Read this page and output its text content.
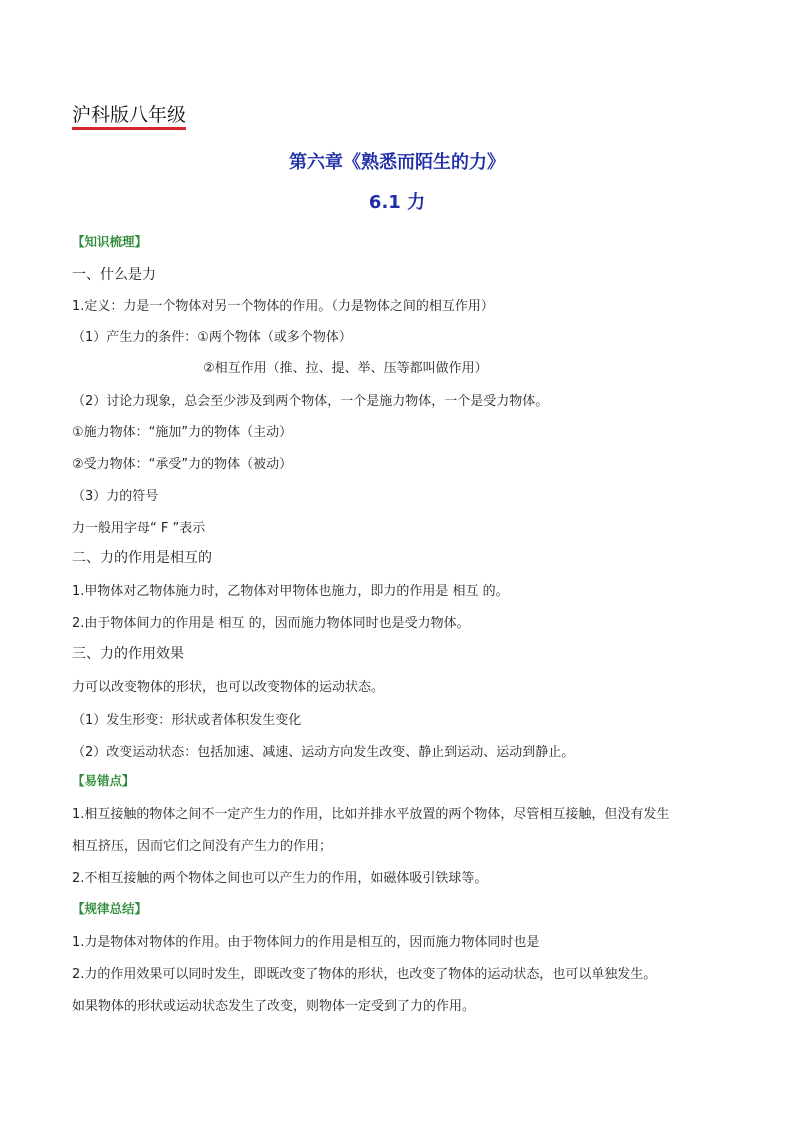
沪科版八年级
第六章《熟悉而陌生的力》
6.1 力
【知识梳理】
一、什么是力
1.定义：力是一个物体对另一个物体的作用。（力是物体之间的相互作用）
（1）产生力的条件：①两个物体（或多个物体）
②相互作用（推、拉、提、举、压等都叫做作用）
（2）讨论力现象，总会至少涉及到两个物体，一个是施力物体，一个是受力物体。
①施力物体：“施加”力的物体（主动）
②受力物体：“承受”力的物体（被动）
（3）力的符号
力一般用字母“ F ”表示
二、力的作用是相互的
1.甲物体对乙物体施力时，乙物体对甲物体也施力，即力的作用是 相互 的。
2.由于物体间力的作用是 相互 的，因而施力物体同时也是受力物体。
三、力的作用效果
力可以改变物体的形状，也可以改变物体的运动状态。
（1）发生形变：形状或者体积发生变化
（2）改变运动状态：包括加速、减速、运动方向发生改变、静止到运动、运动到静止。
【易错点】
1.相互接触的物体之间不一定产生力的作用，比如并排水平放置的两个物体，尽管相互接触，但没有发生
相互挤压，因而它们之间没有产生力的作用；
2.不相互接触的两个物体之间也可以产生力的作用，如磁体吸引铁球等。
【规律总结】
1.力是物体对物体的作用。由于物体间力的作用是相互的，因而施力物体同时也是
2.力的作用效果可以同时发生，即既改变了物体的形状，也改变了物体的运动状态，也可以单独发生。
如果物体的形状或运动状态发生了改变，则物体一定受到了力的作用。
